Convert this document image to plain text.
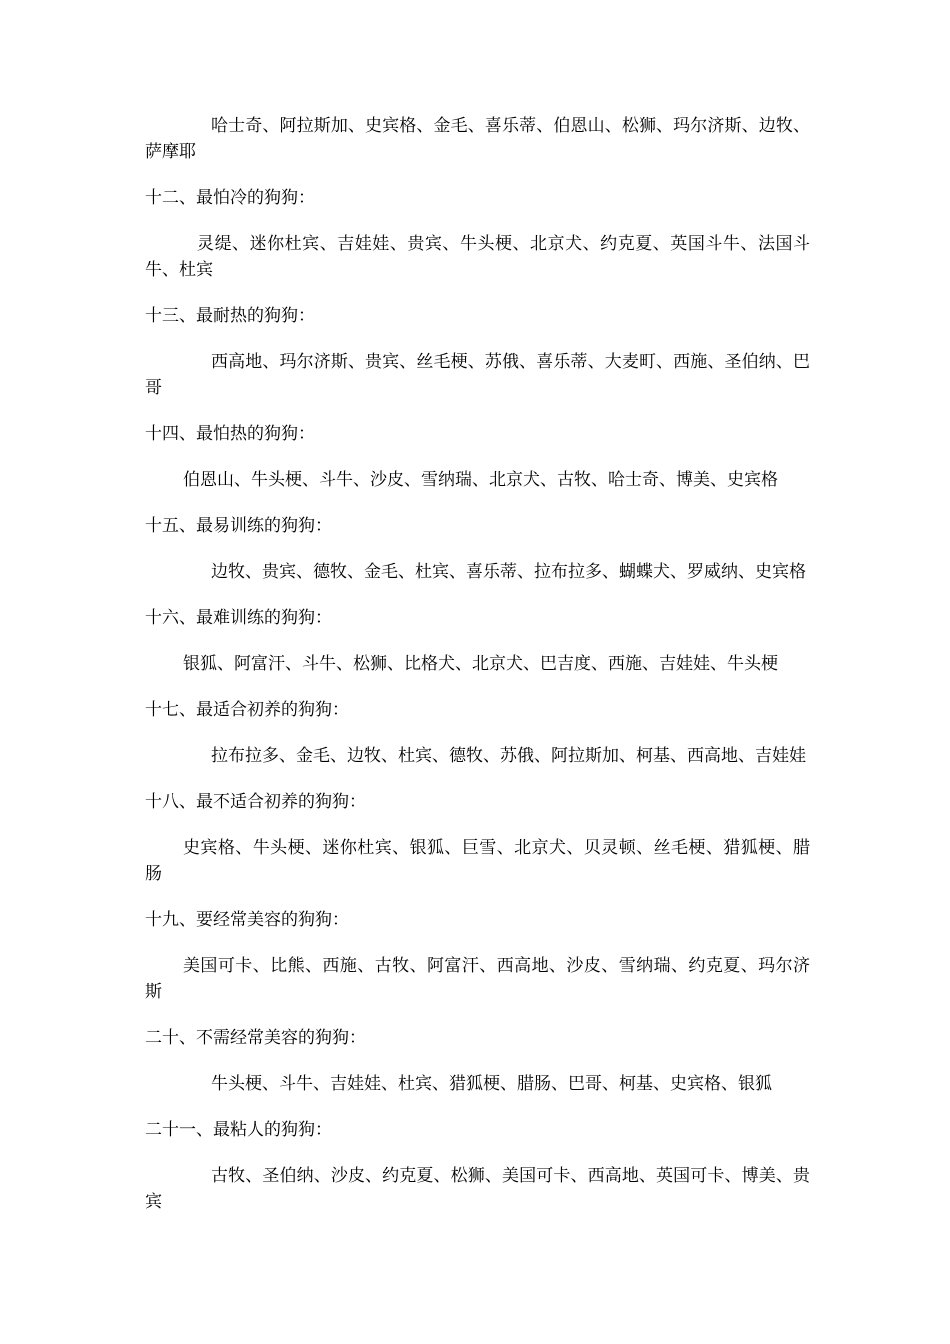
哈士奇、阿拉斯加、史宾格、金毛、喜乐蒂、伯恩山、松狮、玛尔济斯、边牧、萨摩耶

十二、最怕冷的狗狗：

灵缇、迷你杜宾、吉娃娃、贵宾、牛头梗、北京犬、约克夏、英国斗牛、法国斗牛、杜宾

十三、最耐热的狗狗：

西高地、玛尔济斯、贵宾、丝毛梗、苏俄、喜乐蒂、大麦町、西施、圣伯纳、巴哥

十四、最怕热的狗狗：

伯恩山、牛头梗、斗牛、沙皮、雪纳瑞、北京犬、古牧、哈士奇、博美、史宾格

十五、最易训练的狗狗：

边牧、贵宾、德牧、金毛、杜宾、喜乐蒂、拉布拉多、蝴蝶犬、罗威纳、史宾格

十六、最难训练的狗狗：

银狐、阿富汗、斗牛、松狮、比格犬、北京犬、巴吉度、西施、吉娃娃、牛头梗

十七、最适合初养的狗狗：

拉布拉多、金毛、边牧、杜宾、德牧、苏俄、阿拉斯加、柯基、西高地、吉娃娃

十八、最不适合初养的狗狗：

史宾格、牛头梗、迷你杜宾、银狐、巨雪、北京犬、贝灵顿、丝毛梗、猎狐梗、腊肠

十九、要经常美容的狗狗：

美国可卡、比熊、西施、古牧、阿富汗、西高地、沙皮、雪纳瑞、约克夏、玛尔济斯

二十、不需经常美容的狗狗：

牛头梗、斗牛、吉娃娃、杜宾、猎狐梗、腊肠、巴哥、柯基、史宾格、银狐

二十一、最粘人的狗狗：

古牧、圣伯纳、沙皮、约克夏、松狮、美国可卡、西高地、英国可卡、博美、贵宾
